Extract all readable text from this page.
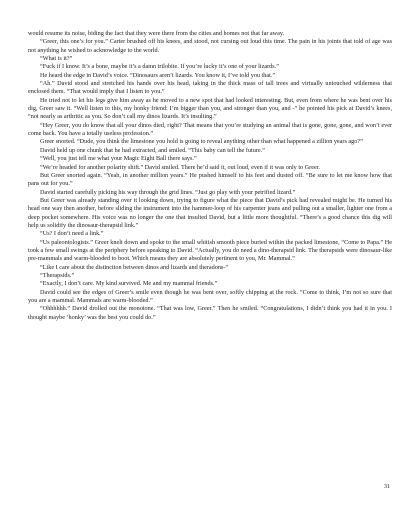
would resume its noise, biding the fact that they were there from the cities and homes not that far away.

“Greer, this one’s for you.” Carter brushed off his knees, and stood, not cursing out loud this time. The pain in his joints that told of age was not anything he wished to acknowledge to the world.

“What is it?”

“Fuck if I know. It’s a bone, maybe it’s a damn trilobite. If you’re lucky it’s one of your lizards.”

He heard the edge in David’s voice. “Dinosaurs aren’t lizards. You know it, I’ve told you that.”

“Ah.” David stood and stretched his hands over his head, taking in the thick mass of tall trees and virtually untouched wilderness that enclosed them. “That would imply that I listen to you.”

He tried not to let his legs give him away as he moved to a new spot that had looked interesting. But, even from where he was bent over his dig, Greer saw it. “Well listen to this, my honky friend: I’m bigger than you, and stronger than you, and -” he pointed his pick at David’s knees, “not nearly as arthritic as you. So don’t call my dinos lizards. It’s insulting.”

“Hey Greer, you do know that all your dinos died, right? That means that you’re studying an animal that is gone, gone, gone, and won’t ever come back. You have a totally useless profession.”

Greer snorted. “Dude, you think the limestone you hold is going to reveal anything other than what happened a zillion years ago?”

David held up one chunk that he had extracted, and smiled. “This baby can tell the future.”

“Well, you just tell me what your Magic Eight Ball there says.”

“We’re headed for another polarity shift.” David smiled. There he’d said it, out loud, even if it was only to Greer.

But Greer snorted again. “Yeah, in another million years.” He pushed himself to his feet and dusted off. “Be sure to let me know how that pans out for you.”

David started carefully picking his way through the grid lines. “Just go play with your petrified lizard.”

But Greer was already standing over it looking down, trying to figure what the piece that David’s pick had revealed might be. He turned his head one way then another, before sliding the instrument into the hammer-loop of his carpenter jeans and pulling out a smaller, lighter one from a deep pocket somewhere. His voice was no longer the one that insulted David, but a little more thoughtful. “There’s a good chance this dig will help us solidify the dinosaur-therapsid link.”

“Us? I don’t need a link.”

“Us paleontologists.” Greer knelt down and spoke to the small whitish smooth piece buried within the packed limestone, “Come to Papa.” He took a few small swings at the periphery before speaking to David. “Actually, you do need a dino-therapsid link. The therapsids were dinosaur-like pre-mammals and warm-blooded to boot. Which means they are absolutely pertinent to you, Mr. Mammal.”

“Like I care about the distinction between dinos and lizards and theradons-”

“Therapsids.”

“Exactly, I don’t care. My kind survived. Me and my mammal friends.”

David could see the edges of Greer’s smile even though he was bent over, softly chipping at the rock. “Come to think, I’m not so sure that you are a mammal. Mammals are warm-blooded.”

“Ohhhhhh.” David drolled out the monotone. “That was low, Greer.” Then he smiled. “Congratulations, I didn’t think you had it in you. I thought maybe ‘honky’ was the best you could do.”

31
